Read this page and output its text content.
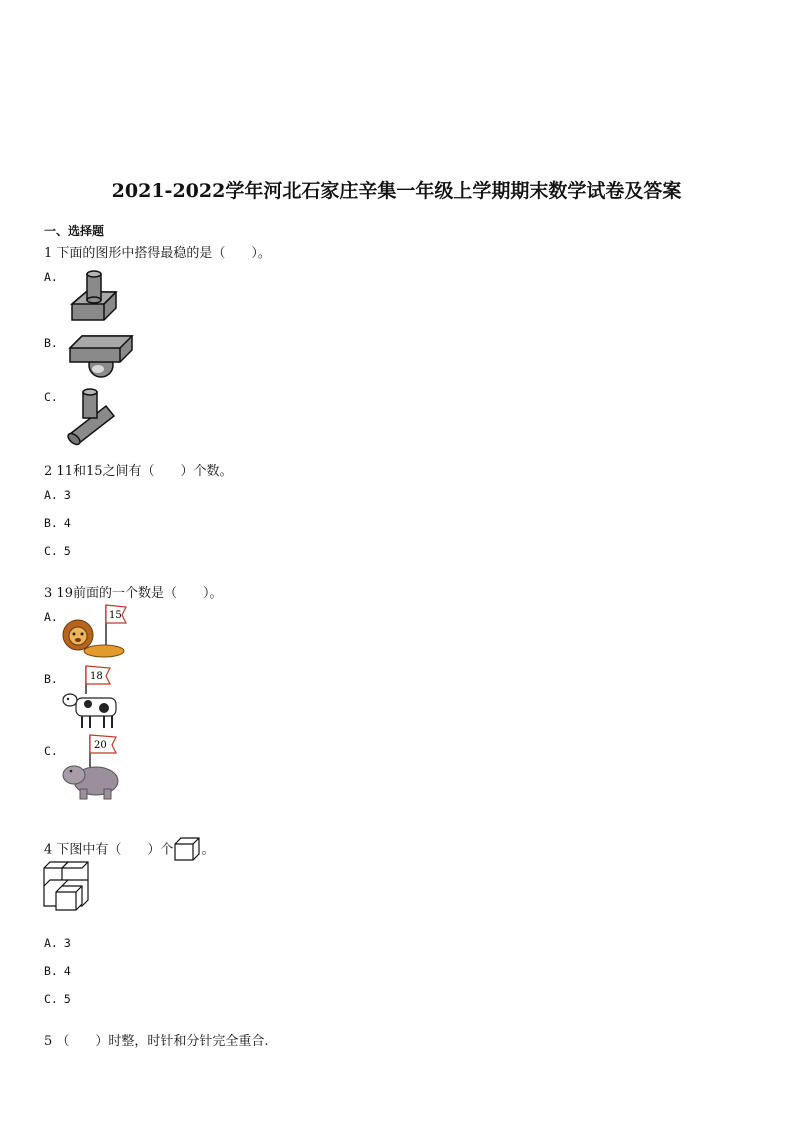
2021-2022学年河北石家庄辛集一年级上学期期末数学试卷及答案
一、选择题
1 下面的图形中搭得最稳的是（　　）。
A.
B.
C.
2 11和15之间有（　　）个数。
A. 3
B. 4
C. 5
3 19前面的一个数是（　　）。
A.	15
B.	18
C.	20
4 下图中有（　　）个 。
A. 3
B. 4
C. 5
5 （　　）时整，时针和分针完全重合.
